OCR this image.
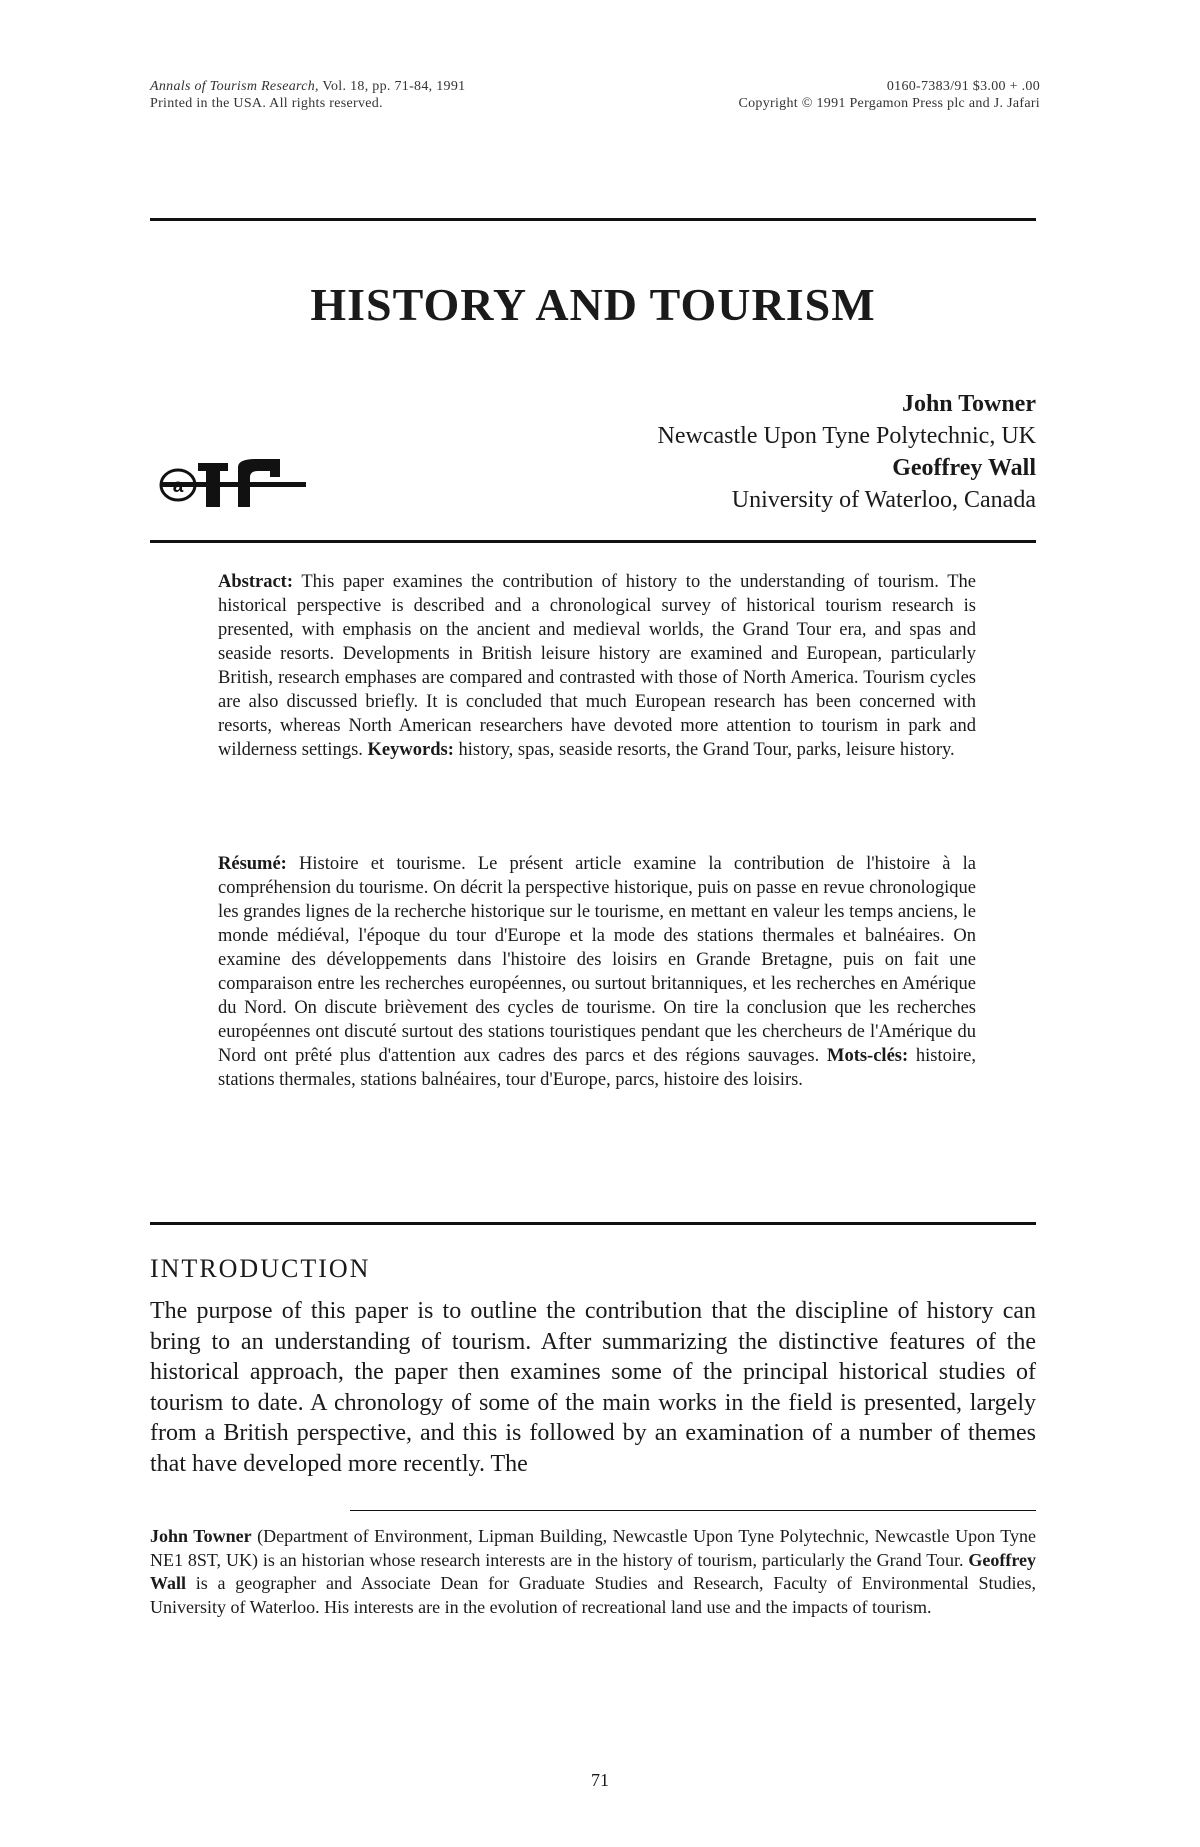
Annals of Tourism Research, Vol. 18, pp. 71-84, 1991
Printed in the USA. All rights reserved.
0160-7383/91 $3.00 + .00
Copyright © 1991 Pergamon Press plc and J. Jafari
HISTORY AND TOURISM
John Towner
Newcastle Upon Tyne Polytechnic, UK
Geoffrey Wall
University of Waterloo, Canada
Abstract: This paper examines the contribution of history to the understanding of tourism. The historical perspective is described and a chronological survey of historical tourism research is presented, with emphasis on the ancient and medieval worlds, the Grand Tour era, and spas and seaside resorts. Developments in British leisure history are examined and European, particularly British, research emphases are compared and contrasted with those of North America. Tourism cycles are also discussed briefly. It is concluded that much European research has been concerned with resorts, whereas North American researchers have devoted more attention to tourism in park and wilderness settings. Keywords: history, spas, seaside resorts, the Grand Tour, parks, leisure history.
Résumé: Histoire et tourisme. Le présent article examine la contribution de l'histoire à la compréhension du tourisme. On décrit la perspective historique, puis on passe en revue chronologique les grandes lignes de la recherche historique sur le tourisme, en mettant en valeur les temps anciens, le monde médiéval, l'époque du tour d'Europe et la mode des stations thermales et balnéaires. On examine des développements dans l'histoire des loisirs en Grande Bretagne, puis on fait une comparaison entre les recherches européennes, ou surtout britanniques, et les recherches en Amérique du Nord. On discute brièvement des cycles de tourisme. On tire la conclusion que les recherches européennes ont discuté surtout des stations touristiques pendant que les chercheurs de l'Amérique du Nord ont prêté plus d'attention aux cadres des parcs et des régions sauvages. Mots-clés: histoire, stations thermales, stations balnéaires, tour d'Europe, parcs, histoire des loisirs.
INTRODUCTION
The purpose of this paper is to outline the contribution that the discipline of history can bring to an understanding of tourism. After summarizing the distinctive features of the historical approach, the paper then examines some of the principal historical studies of tourism to date. A chronology of some of the main works in the field is presented, largely from a British perspective, and this is followed by an examination of a number of themes that have developed more recently. The
John Towner (Department of Environment, Lipman Building, Newcastle Upon Tyne Polytechnic, Newcastle Upon Tyne NE1 8ST, UK) is an historian whose research interests are in the history of tourism, particularly the Grand Tour. Geoffrey Wall is a geographer and Associate Dean for Graduate Studies and Research, Faculty of Environmental Studies, University of Waterloo. His interests are in the evolution of recreational land use and the impacts of tourism.
71
